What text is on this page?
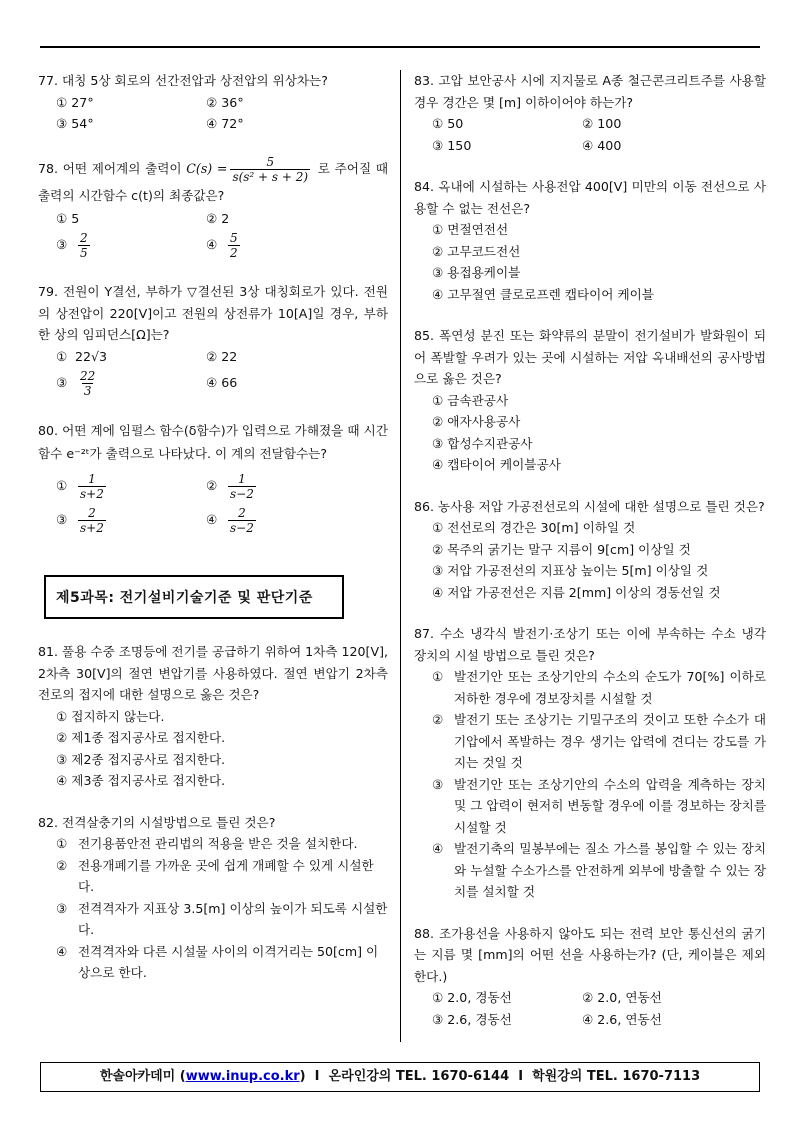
77. 대칭 5상 회로의 선간전압과 상전압의 위상차는?
① 27°	② 36°
③ 54°	④ 72°
78. 어떤 제어계의 출력이 $C(s) = \frac{5}{\text{s(s² + s + 2)}}$ 로 주어질 때 출력의 시간함수 c(t)의 최종값은?
① 5	② 2
③ $\frac{2}{5}$	④ $\frac{5}{2}$
79. 전원이 Y결선, 부하가 ▽결선된 3상 대칭회로가 있다. 전원의 상전압이 220[V]이고 전원의 상전류가 10[A]일 경우, 부하 한 상의 임피던스[Ω]는?
① 22√3	② 22
③ $\frac{22}{3}$	④ 66
80. 어떤 계에 임펄스 함수(δ함수)가 입력으로 가해졌을 때 시간함수 e⁻²ᵗ가 출력으로 나타났다. 이 계의 전달함수는?
① $\frac{1}{s+2}$	② $\frac{1}{s-2}$
③ $\frac{2}{s+2}$	④ $\frac{2}{s-2}$
제5과목: 전기설비기술기준 및 판단기준
81. 풀용 수중 조명등에 전기를 공급하기 위하여 1차측 120[V], 2차측 30[V]의 절연 변압기를 사용하였다. 절연 변압기 2차측 전로의 접지에 대한 설명으로 옳은 것은?
① 접지하지 않는다.
② 제1종 접지공사로 접지한다.
③ 제2종 접지공사로 접지한다.
④ 제3종 접지공사로 접지한다.
82. 전격살충기의 시설방법으로 틀린 것은?
① 전기용품안전 관리법의 적용을 받은 것을 설치한다.
② 전용개폐기를 가까운 곳에 쉽게 개폐할 수 있게 시설한다.
③ 전격격자가 지표상 3.5[m] 이상의 높이가 되도록 시설한다.
④ 전격격자와 다른 시설물 사이의 이격거리는 50[cm] 이상으로 한다.
83. 고압 보안공사 시에 지지물로 A종 철근콘크리트주를 사용할 경우 경간은 몇 [m] 이하이어야 하는가?
① 50	② 100
③ 150	④ 400
84. 옥내에 시설하는 사용전압 400[V] 미만의 이동 전선으로 사용할 수 없는 전선은?
① 면절연전선
② 고무코드전선
③ 용접용케이블
④ 고무절연 클로로프렌 캡타이어 케이블
85. 폭연성 분진 또는 화약류의 분말이 전기설비가 발화원이 되어 폭발할 우려가 있는 곳에 시설하는 저압 옥내배선의 공사방법으로 옳은 것은?
① 금속관공사
② 애자사용공사
③ 합성수지관공사
④ 캡타이어 케이블공사
86. 농사용 저압 가공전선로의 시설에 대한 설명으로 틀린 것은?
① 전선로의 경간은 30[m] 이하일 것
② 목주의 굵기는 말구 지름이 9[cm] 이상일 것
③ 저압 가공전선의 지표상 높이는 5[m] 이상일 것
④ 저압 가공전선은 지름 2[mm] 이상의 경동선일 것
87. 수소 냉각식 발전기·조상기 또는 이에 부속하는 수소 냉각 장치의 시설 방법으로 틀린 것은?
① 발전기안 또는 조상기안의 수소의 순도가 70[%] 이하로 저하한 경우에 경보장치를 시설할 것
② 발전기 또는 조상기는 기밀구조의 것이고 또한 수소가 대기압에서 폭발하는 경우 생기는 압력에 견디는 강도를 가지는 것일 것
③ 발전기안 또는 조상기안의 수소의 압력을 계측하는 장치 및 그 압력이 현저히 변동할 경우에 이를 경보하는 장치를 시설할 것
④ 발전기축의 밀봉부에는 질소 가스를 봉입할 수 있는 장치와 누설할 수소가스를 안전하게 외부에 방출할 수 있는 장치를 설치할 것
88. 조가용선을 사용하지 않아도 되는 전력 보안 통신선의 굵기는 지름 몇 [mm]의 어떤 선을 사용하는가? (단, 케이블은 제외한다.)
① 2.0, 경동선	② 2.0, 연동선
③ 2.6, 경동선	④ 2.6, 연동선
한솔아카데미 (www.inup.co.kr)  I 온라인강의 TEL. 1670-6144 I 학원강의 TEL. 1670-7113
